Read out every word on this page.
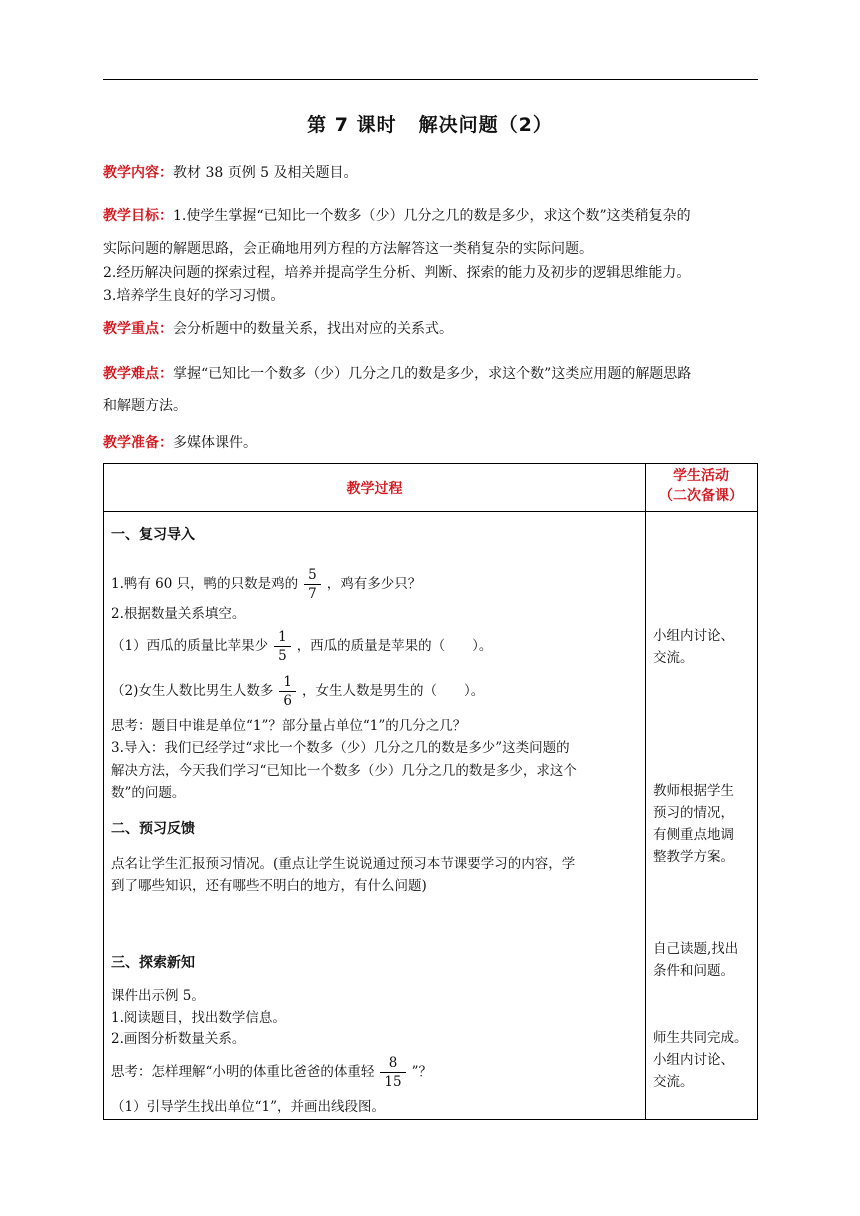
第 7 课时 解决问题（2）
教学内容：教材 38 页例 5 及相关题目。
教学目标：1.使学生掌握“已知比一个数多（少）几分之几的数是多少，求这个数”这类稍复杂的
实际问题的解题思路，会正确地用列方程的方法解答这一类稍复杂的实际问题。
2.经历解决问题的探索过程，培养并提高学生分析、判断、探索的能力及初步的逻辑思维能力。
3.培养学生良好的学习习惯。
教学重点：会分析题中的数量关系，找出对应的关系式。
教学难点：掌握“已知比一个数多（少）几分之几的数是多少，求这个数”这类应用题的解题思路
和解题方法。
教学准备：多媒体课件。
教学过程
学生活动
（二次备课）
一、复习导入
1.鸭有 60 只，鸭的只数是鸡的 $\frac{5}{7}$ ，鸡有多少只？
2.根据数量关系填空。
（1）西瓜的质量比苹果少 $\frac{1}{5}$ ，西瓜的质量是苹果的（　　）。
（2)女生人数比男生人数多 $\frac{1}{6}$ ，女生人数是男生的（　　）。
思考：题目中谁是单位“1”？部分量占单位“1”的几分之几？
3.导入：我们已经学过“求比一个数多（少）几分之几的数是多少”这类问题的
解决方法，今天我们学习“已知比一个数多（少）几分之几的数是多少，求这个
数”的问题。
二、预习反馈
点名让学生汇报预习情况。(重点让学生说说通过预习本节课要学习的内容，学
到了哪些知识，还有哪些不明白的地方，有什么问题)
三、探索新知
课件出示例 5。
1.阅读题目，找出数学信息。
2.画图分析数量关系。
思考：怎样理解“小明的体重比爸爸的体重轻 $\frac{8}{15}$ ”？
（1）引导学生找出单位“1”，并画出线段图。
小组内讨论、
交流。
教师根据学生
预习的情况，
有侧重点地调
整教学方案。
自己读题,找出
条件和问题。
师生共同完成。
小组内讨论、
交流。
